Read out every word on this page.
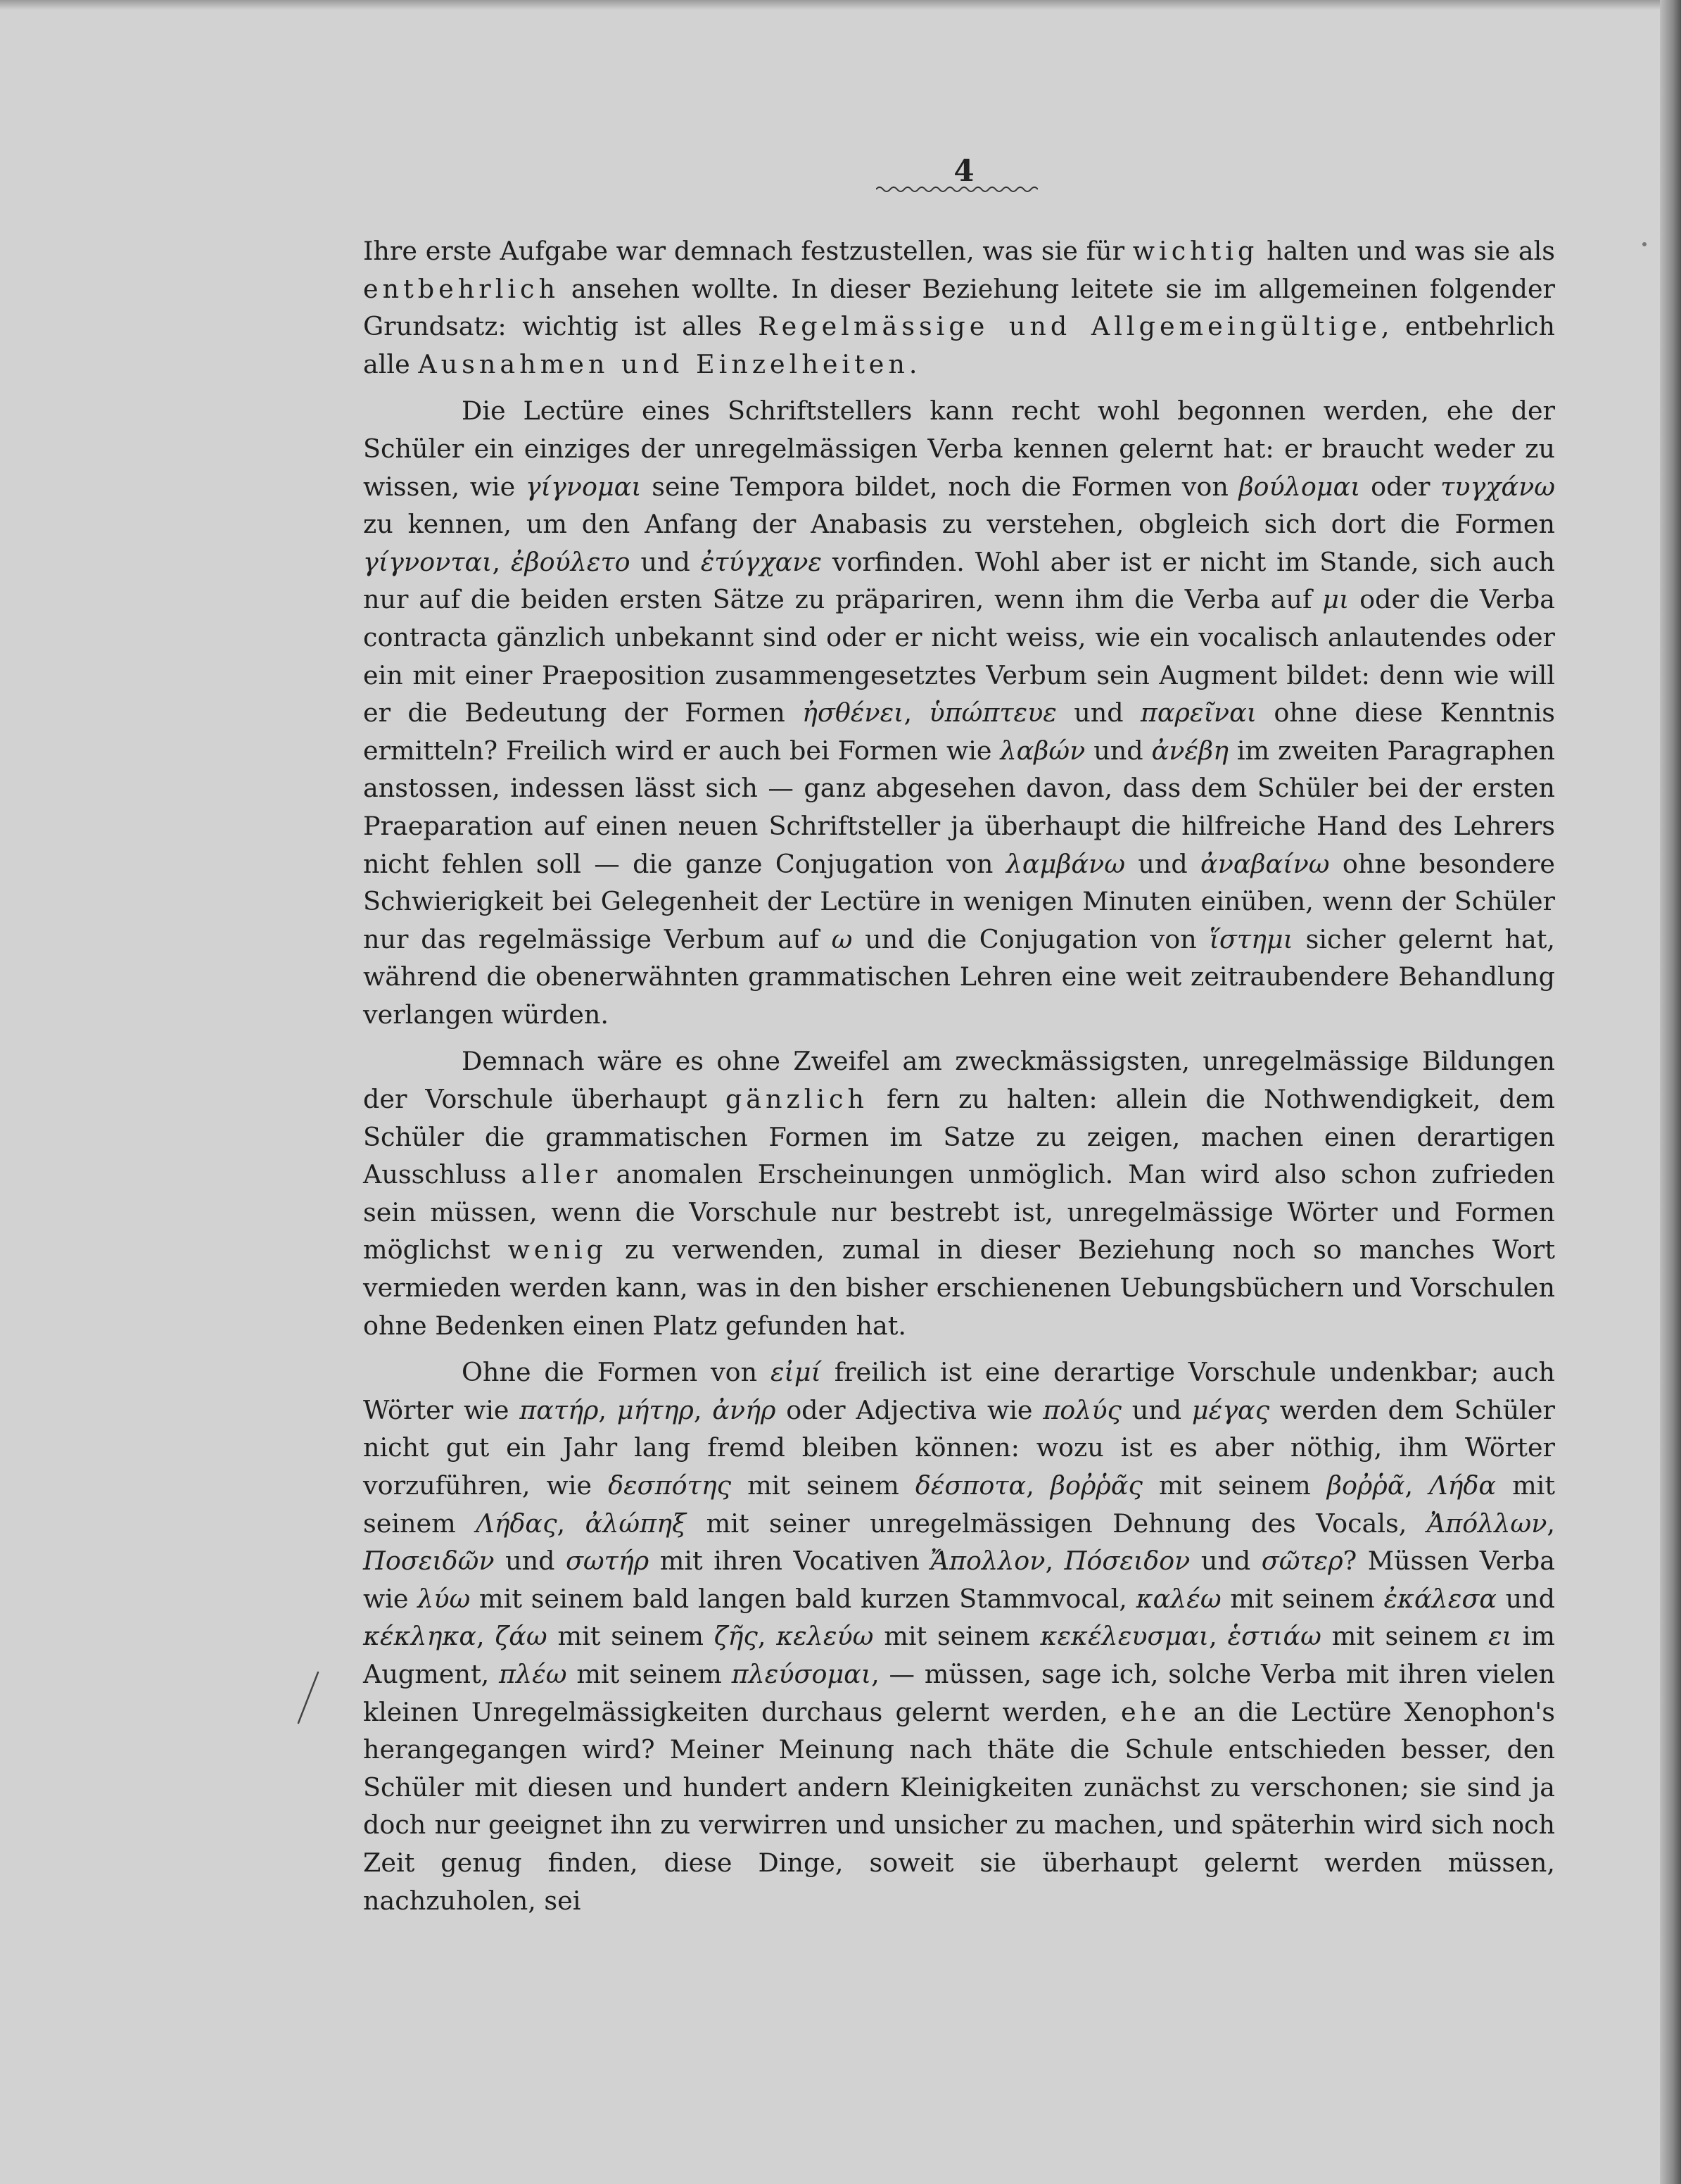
4

Ihre erste Aufgabe war demnach festzustellen, was sie für wichtig halten und was sie als entbehrlich ansehen wollte. In dieser Beziehung leitete sie im allgemeinen folgender Grundsatz: wichtig ist alles Regelmässige und Allgemeingültige, entbehrlich alle Ausnahmen und Einzelheiten.

Die Lectüre eines Schriftstellers kann recht wohl begonnen werden, ehe der Schüler ein einziges der unregelmässigen Verba kennen gelernt hat: er braucht weder zu wissen, wie γίγνομαι seine Tempora bildet, noch die Formen von βούλομαι oder τυγχάνω zu kennen, um den Anfang der Anabasis zu verstehen, obgleich sich dort die Formen γίγνονται, ἐβούλετο und ἐτύγχανε vorfinden. Wohl aber ist er nicht im Stande, sich auch nur auf die beiden ersten Sätze zu präpariren, wenn ihm die Verba auf μι oder die Verba contracta gänzlich unbekannt sind oder er nicht weiss, wie ein vocalisch anlautendes oder ein mit einer Praeposition zusammengesetztes Verbum sein Augment bildet: denn wie will er die Bedeutung der Formen ἠσθένει, ὑπώπτευε und παρεῖναι ohne diese Kenntnis ermitteln? Freilich wird er auch bei Formen wie λαβών und ἀνέβη im zweiten Paragraphen anstossen, indessen lässt sich — ganz abgesehen davon, dass dem Schüler bei der ersten Praeparation auf einen neuen Schriftsteller ja überhaupt die hilfreiche Hand des Lehrers nicht fehlen soll — die ganze Conjugation von λαμβάνω und ἀναβαίνω ohne besondere Schwierigkeit bei Gelegenheit der Lectüre in wenigen Minuten einüben, wenn der Schüler nur das regelmässige Verbum auf ω und die Conjugation von ἵστημι sicher gelernt hat, während die obenerwähnten grammatischen Lehren eine weit zeitraubendere Behandlung verlangen würden.

Demnach wäre es ohne Zweifel am zweckmässigsten, unregelmässige Bildungen der Vorschule überhaupt gänzlich fern zu halten: allein die Nothwendigkeit, dem Schüler die grammatischen Formen im Satze zu zeigen, machen einen derartigen Ausschluss aller anomalen Erscheinungen unmöglich. Man wird also schon zufrieden sein müssen, wenn die Vorschule nur bestrebt ist, unregelmässige Wörter und Formen möglichst wenig zu verwenden, zumal in dieser Beziehung noch so manches Wort vermieden werden kann, was in den bisher erschienenen Uebungsbüchern und Vorschulen ohne Bedenken einen Platz gefunden hat.

Ohne die Formen von εἰμί freilich ist eine derartige Vorschule undenkbar; auch Wörter wie πατήρ, μήτηρ, ἀνήρ oder Adjectiva wie πολύς und μέγας werden dem Schüler nicht gut ein Jahr lang fremd bleiben können: wozu ist es aber nöthig, ihm Wörter vorzuführen, wie δεσπότης mit seinem δέσποτα, βοῤῥᾶς mit seinem βοῤῥᾶ, Λήδα mit seinem Λήδας, ἀλώπηξ mit seiner unregelmässigen Dehnung des Vocals, Ἀπόλλων, Ποσειδῶν und σωτήρ mit ihren Vocativen Ἄπολλον, Πόσειδον und σῶτερ? Müssen Verba wie λύω mit seinem bald langen bald kurzen Stammvocal, καλέω mit seinem ἐκάλεσα und κέκληκα, ζάω mit seinem ζῆς, κελεύω mit seinem κεκέλευσμαι, ἑστιάω mit seinem ει im Augment, πλέω mit seinem πλεύσομαι, — müssen, sage ich, solche Verba mit ihren vielen kleinen Unregelmässigkeiten durchaus gelernt werden, ehe an die Lectüre Xenophon's herangegangen wird? Meiner Meinung nach thäte die Schule entschieden besser, den Schüler mit diesen und hundert andern Kleinigkeiten zunächst zu verschonen; sie sind ja doch nur geeignet ihn zu verwirren und unsicher zu machen, und späterhin wird sich noch Zeit genug finden, diese Dinge, soweit sie überhaupt gelernt werden müssen, nachzuholen, sei
